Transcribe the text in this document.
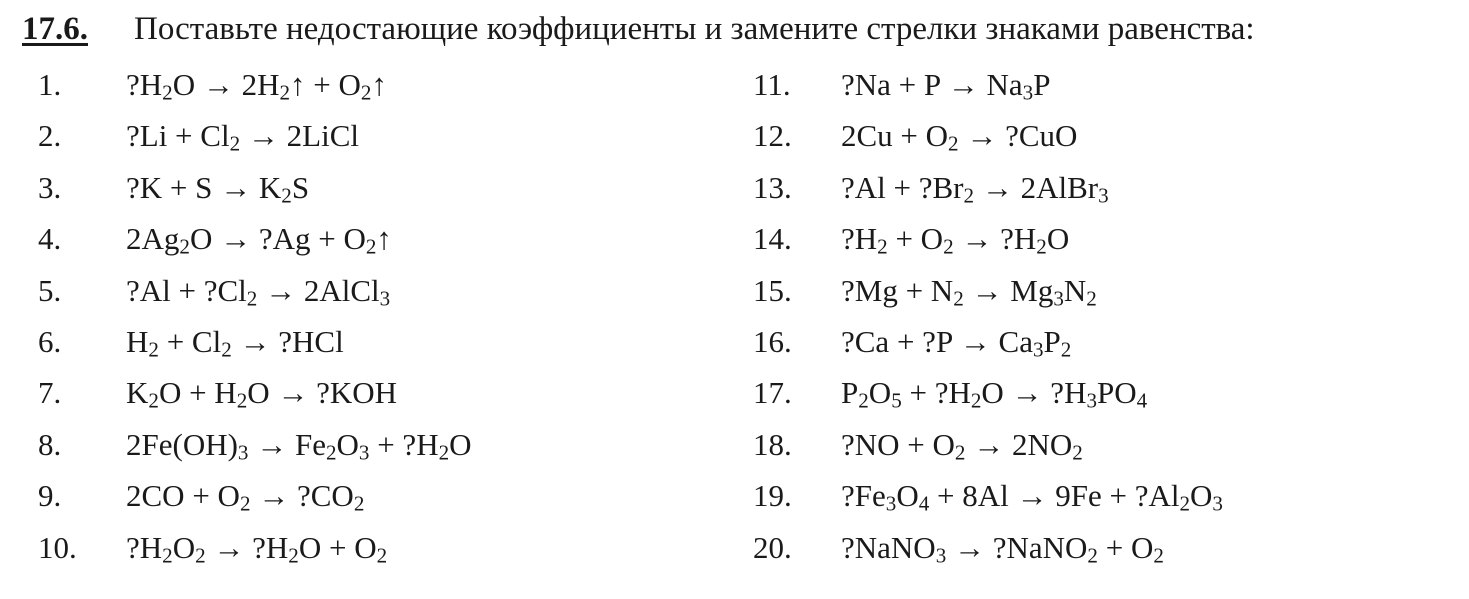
17.6. Поставьте недостающие коэффициенты и замените стрелки знаками равенства:
1. $?H_2O$ → $2H_2↑$ + $O_2↑$
2. ?Li + $Cl_2$ → 2LiCl
3. ?K + $S \to K_2S$
4. $2Ag_2O$ → ?Ag + $O_2↑$
5. ?Al + $?Cl_2$ → 2AlCl$_3$
6. $H_2 + Cl_2$ → ?HCl
7. $K_2O + H_2O$ → ?KOH
8. $2Fe(OH)_3 \to Fe_2O_3$ + $?H_2O$
9. $2CO + O_2$ → $?CO_2$
10. $?H_2O_2$ → $?H_2O + O_2$
11. ?Na + $P \to Na_3P$
12. $2Cu + O_2$ → ?CuO
13. ?Al + $?Br_2$ → 2AlBr$_3$
14. $?H_2 + O_2$ → $?H_2O$
15. ?Mg + $N_2 \to Mg_3N_2$
16. ?Ca + ?P → $Ca_3P_2$
17. $P_2O_5$ + $?H_2O$ → $?H_3PO_4$
18. ?NO + $O_2 \to 2NO_2$
19. $?Fe_3O_4 + 8Al \to 9Fe$ + $?Al_2O_3$
20. ?NaNO$_3$ → ?NaNO$_2$ + $O_2$
